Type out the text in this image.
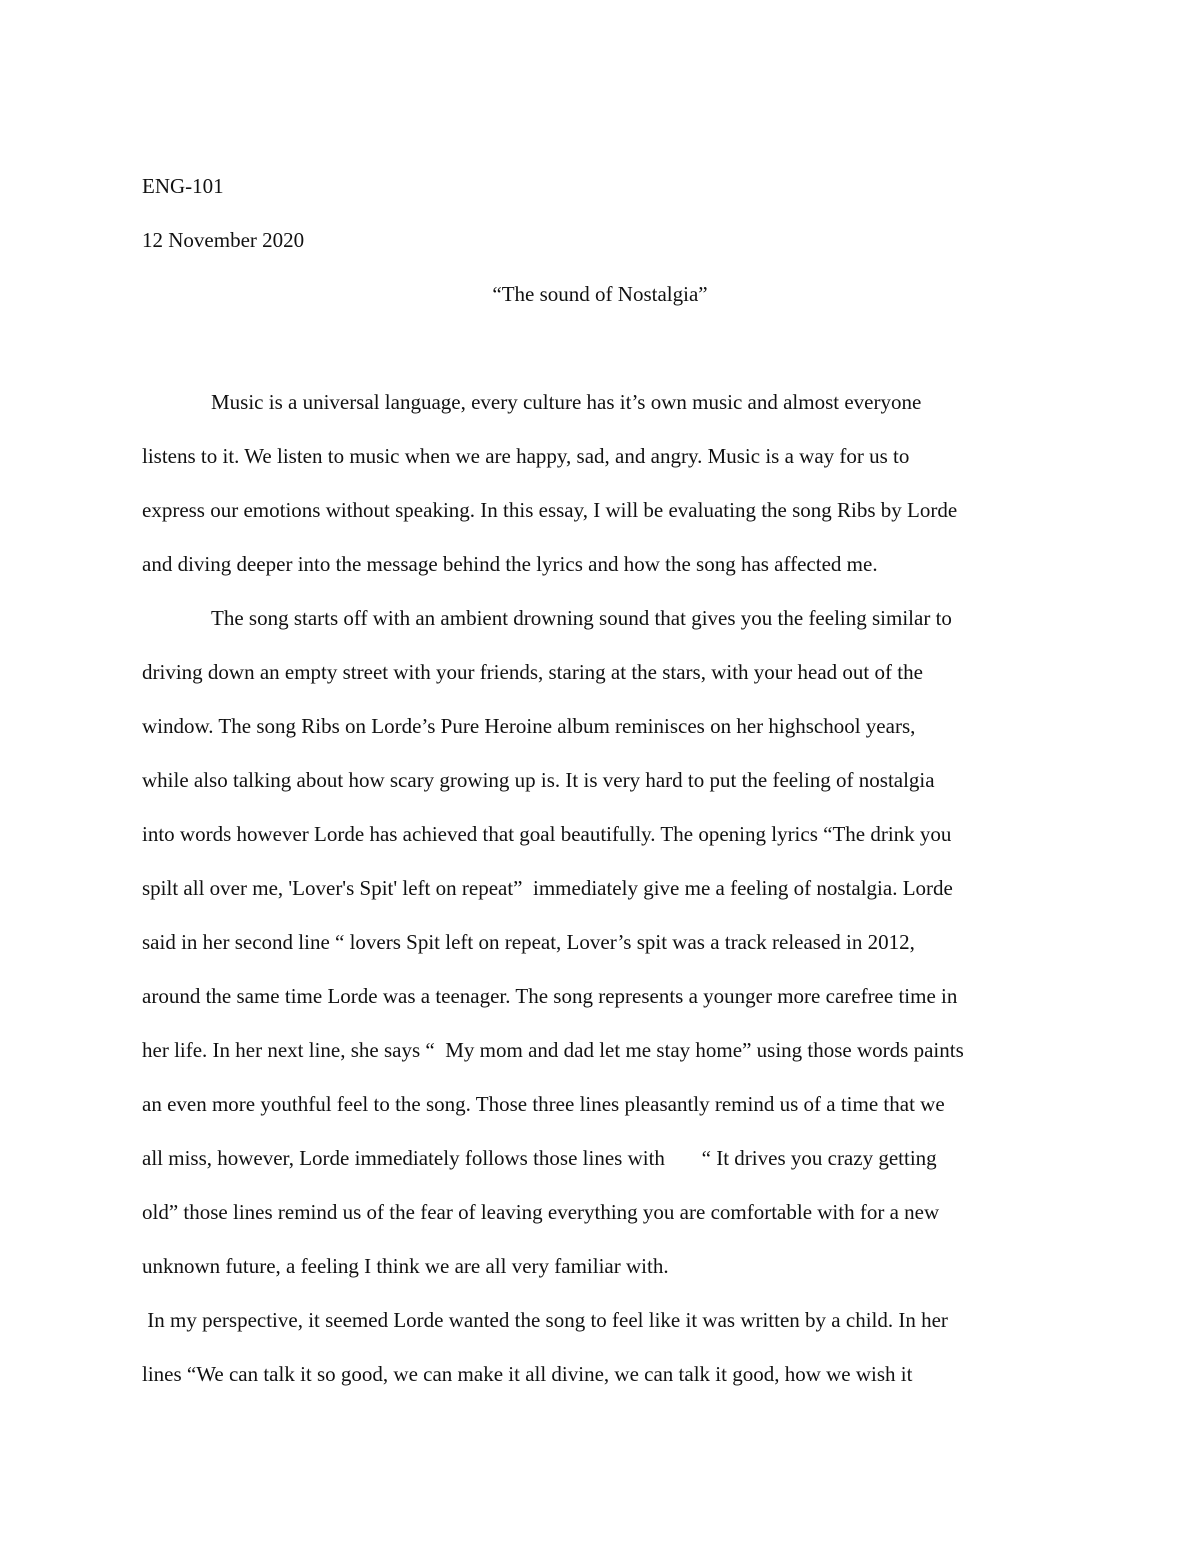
ENG-101

12 November 2020

“The sound of Nostalgia”

Music is a universal language, every culture has it’s own music and almost everyone

listens to it. We listen to music when we are happy, sad, and angry. Music is a way for us to

express our emotions without speaking. In this essay, I will be evaluating the song Ribs by Lorde

and diving deeper into the message behind the lyrics and how the song has affected me.

The song starts off with an ambient drowning sound that gives you the feeling similar to

driving down an empty street with your friends, staring at the stars, with your head out of the

window. The song Ribs on Lorde’s Pure Heroine album reminisces on her highschool years,

while also talking about how scary growing up is. It is very hard to put the feeling of nostalgia

into words however Lorde has achieved that goal beautifully. The opening lyrics “The drink you

spilt all over me, 'Lover's Spit' left on repeat”  immediately give me a feeling of nostalgia. Lorde

said in her second line “ lovers Spit left on repeat, Lover’s spit was a track released in 2012,

around the same time Lorde was a teenager. The song represents a younger more carefree time in

her life. In her next line, she says “  My mom and dad let me stay home” using those words paints

an even more youthful feel to the song. Those three lines pleasantly remind us of a time that we

all miss, however, Lorde immediately follows those lines with       “ It drives you crazy getting

old” those lines remind us of the fear of leaving everything you are comfortable with for a new

unknown future, a feeling I think we are all very familiar with.

In my perspective, it seemed Lorde wanted the song to feel like it was written by a child. In her

lines “We can talk it so good, we can make it all divine, we can talk it good, how we wish it
